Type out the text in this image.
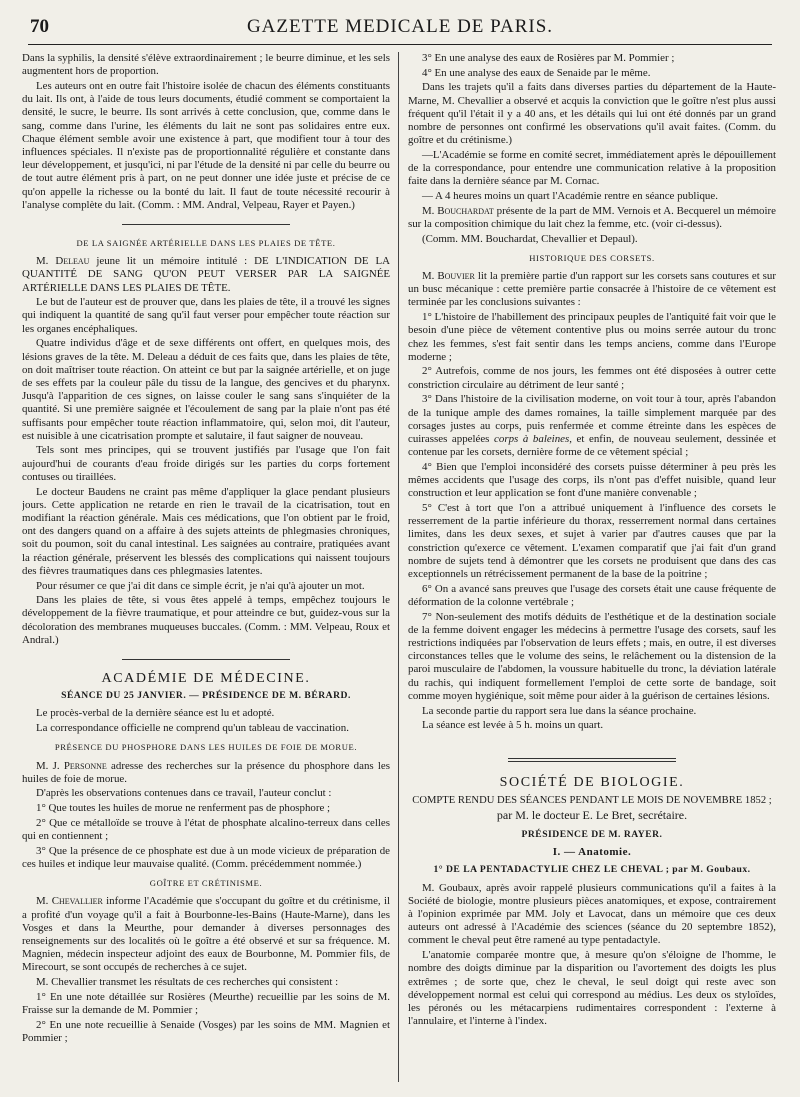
70	GAZETTE MEDICALE DE PARIS.

Dans la syphilis, la densité s'élève extraordinairement ; le beurre diminue, et les sels augmentent hors de proportion.

Les auteurs ont en outre fait l'histoire isolée de chacun des éléments constituants du lait. Ils ont, à l'aide de tous leurs documents, étudié comment se comportaient la densité, le sucre, le beurre. Ils sont arrivés à cette conclusion, que, comme dans le sang, comme dans l'urine, les éléments du lait ne sont pas solidaires entre eux. Chaque élément semble avoir une existence à part, que modifient tour à tour des influences spéciales. Il n'existe pas de proportionnalité régulière et constante dans leur développement, et jusqu'ici, ni par l'étude de la densité ni par celle du beurre ou de tout autre élément pris à part, on ne peut donner une idée juste et précise de ce qu'on appelle la richesse ou la bonté du lait. Il faut de toute nécessité recourir à l'analyse complète du lait. (Comm. : MM. Andral, Velpeau, Rayer et Payen.)

DE LA SAIGNÉE ARTÉRIELLE DANS LES PLAIES DE TÊTE.

M. Deleau jeune lit un mémoire intitulé : DE L'INDICATION DE LA QUANTITÉ DE SANG QU'ON PEUT VERSER PAR LA SAIGNÉE ARTÉRIELLE DANS LES PLAIES DE TÊTE.

Le but de l'auteur est de prouver que, dans les plaies de tête, il a trouvé les signes qui indiquent la quantité de sang qu'il faut verser pour empêcher toute réaction sur les organes encéphaliques.

Quatre individus d'âge et de sexe différents ont offert, en quelques mois, des lésions graves de la tête. M. Deleau a déduit de ces faits que, dans les plaies de tête, on doit maîtriser toute réaction. On atteint ce but par la saignée artérielle, et on juge de ses effets par la couleur pâle du tissu de la langue, des gencives et du pharynx. Jusqu'à l'apparition de ces signes, on laisse couler le sang sans s'inquiéter de la quantité. Si une première saignée et l'écoulement de sang par la plaie n'ont pas été suffisants pour empêcher toute réaction inflammatoire, qui, selon moi, dit l'auteur, est nuisible à une cicatrisation prompte et salutaire, il faut saigner de nouveau.

Tels sont mes principes, qui se trouvent justifiés par l'usage que l'on fait aujourd'hui de courants d'eau froide dirigés sur les parties du corps fortement contuses ou tiraillées.

Le docteur Baudens ne craint pas même d'appliquer la glace pendant plusieurs jours. Cette application ne retarde en rien le travail de la cicatrisation, tout en modifiant la réaction générale. Mais ces médications, que l'on obtient par le froid, ont des dangers quand on a affaire à des sujets atteints de phlegmasies chroniques, soit du poumon, soit du canal intestinal. Les saignées au contraire, pratiquées avant la réaction générale, préservent les blessés des complications qui naissent toujours des fièvres traumatiques dans ces phlegmasies latentes.

Pour résumer ce que j'ai dit dans ce simple écrit, je n'ai qu'à ajouter un mot.

Dans les plaies de tête, si vous êtes appelé à temps, empêchez toujours le développement de la fièvre traumatique, et pour atteindre ce but, guidez-vous sur la décoloration des membranes muqueuses buccales. (Comm. : MM. Velpeau, Roux et Andral.)

ACADÉMIE DE MÉDECINE.
SÉANCE DU 25 JANVIER. — PRÉSIDENCE DE M. BÉRARD.

Le procès-verbal de la dernière séance est lu et adopté.

La correspondance officielle ne comprend qu'un tableau de vaccination.

PRÉSENCE DU PHOSPHORE DANS LES HUILES DE FOIE DE MORUE.

M. J. Personne adresse des recherches sur la présence du phosphore dans les huiles de foie de morue.

D'après les observations contenues dans ce travail, l'auteur conclut :

1° Que toutes les huiles de morue ne renferment pas de phosphore ;

2° Que ce métalloïde se trouve à l'état de phosphate alcalino-terreux dans celles qui en contiennent ;

3° Que la présence de ce phosphate est due à un mode vicieux de préparation de ces huiles et indique leur mauvaise qualité. (Comm. précédemment nommée.)

GOÎTRE ET CRÉTINISME.

M. Chevallier informe l'Académie que s'occupant du goître et du crétinisme, il a profité d'un voyage qu'il a fait à Bourbonne-les-Bains (Haute-Marne), dans les Vosges et dans la Meurthe, pour demander à diverses personnages des renseignements sur des localités où le goître a été observé et sur sa fréquence. M. Magnien, médecin inspecteur adjoint des eaux de Bourbonne, M. Pommier fils, de Mirecourt, se sont occupés de recherches à ce sujet.

M. Chevallier transmet les résultats de ces recherches qui consistent :

1° En une note détaillée sur Rosières (Meurthe) recueillie par les soins de M. Fraisse sur la demande de M. Pommier ;

2° En une note recueillie à Senaide (Vosges) par les soins de MM. Magnien et Pommier ;

3° En une analyse des eaux de Rosières par M. Pommier ;

4° En une analyse des eaux de Senaide par le même.

Dans les trajets qu'il a faits dans diverses parties du département de la Haute-Marne, M. Chevallier a observé et acquis la conviction que le goître n'est plus aussi fréquent qu'il l'était il y a 40 ans, et les détails qui lui ont été donnés par un grand nombre de personnes ont confirmé les observations qu'il avait faites. (Comm. du goître et du crétinisme.)

—L'Académie se forme en comité secret, immédiatement après le dépouillement de la correspondance, pour entendre une communication relative à la proposition faite dans la dernière séance par M. Cornac.

— A 4 heures moins un quart l'Académie rentre en séance publique.

M. Bouchardat présente de la part de MM. Vernois et A. Becquerel un mémoire sur la composition chimique du lait chez la femme, etc. (voir ci-dessus).

(Comm. MM. Bouchardat, Chevallier et Depaul).

HISTORIQUE DES CORSETS.

M. Bouvier lit la première partie d'un rapport sur les corsets sans coutures et sur un busc mécanique : cette première partie consacrée à l'histoire de ce vêtement est terminée par les conclusions suivantes :

1° L'histoire de l'habillement des principaux peuples de l'antiquité fait voir que le besoin d'une pièce de vêtement contentive plus ou moins serrée autour du tronc chez les femmes, s'est fait sentir dans les temps anciens, comme dans l'Europe moderne ;

2° Autrefois, comme de nos jours, les femmes ont été disposées à outrer cette constriction circulaire au détriment de leur santé ;

3° Dans l'histoire de la civilisation moderne, on voit tour à tour, après l'abandon de la tunique ample des dames romaines, la taille simplement marquée par des corsages justes au corps, puis renfermée et comme étreinte dans les espèces de cuirasses appelées corps à baleines, et enfin, de nouveau seulement, dessinée et contenue par les corsets, dernière forme de ce vêtement spécial ;

4° Bien que l'emploi inconsidéré des corsets puisse déterminer à peu près les mêmes accidents que l'usage des corps, ils n'ont pas d'effet nuisible, quand leur construction et leur application se font d'une manière convenable ;

5° C'est à tort que l'on a attribué uniquement à l'influence des corsets le resserrement de la partie inférieure du thorax, resserrement normal dans certaines limites, dans les deux sexes, et sujet à varier par d'autres causes que par la constriction qu'exerce ce vêtement. L'examen comparatif que j'ai fait d'un grand nombre de sujets tend à démontrer que les corsets ne produisent que dans des cas exceptionnels un rétrécissement permanent de la base de la poitrine ;

6° On a avancé sans preuves que l'usage des corsets était une cause fréquente de déformation de la colonne vertébrale ;

7° Non-seulement des motifs déduits de l'esthétique et de la destination sociale de la femme doivent engager les médecins à permettre l'usage des corsets, sauf les restrictions indiquées par l'observation de leurs effets ; mais, en outre, il est diverses circonstances telles que le volume des seins, le relâchement ou la distension de la paroi musculaire de l'abdomen, la voussure habituelle du tronc, la déviation latérale du rachis, qui indiquent formellement l'emploi de cette sorte de bandage, soit comme moyen hygiénique, soit même pour aider à la guérison de certaines lésions.

La seconde partie du rapport sera lue dans la séance prochaine.

La séance est levée à 5 h. moins un quart.

SOCIÉTÉ DE BIOLOGIE.

COMPTE RENDU DES SÉANCES PENDANT LE MOIS DE NOVEMBRE 1852 ;

par M. le docteur E. Le Bret, secrétaire.

PRÉSIDENCE DE M. RAYER.
I. — Anatomie.
1° DE LA PENTADACTYLIE CHEZ LE CHEVAL ; par M. Goubaux.

M. Goubaux, après avoir rappelé plusieurs communications qu'il a faites à la Société de biologie, montre plusieurs pièces anatomiques, et expose, contrairement à l'opinion exprimée par MM. Joly et Lavocat, dans un mémoire que ces deux auteurs ont adressé à l'Académie des sciences (séance du 20 septembre 1852), comment le cheval peut être ramené au type pentadactyle.

L'anatomie comparée montre que, à mesure qu'on s'éloigne de l'homme, le nombre des doigts diminue par la disparition ou l'avortement des doigts les plus extrêmes ; de sorte que, chez le cheval, le seul doigt qui reste avec son développement normal est celui qui correspond au médius. Les deux os styloïdes, les péronés ou les métacarpiens rudimentaires correspondent : l'externe à l'annulaire, et l'interne à l'index.
